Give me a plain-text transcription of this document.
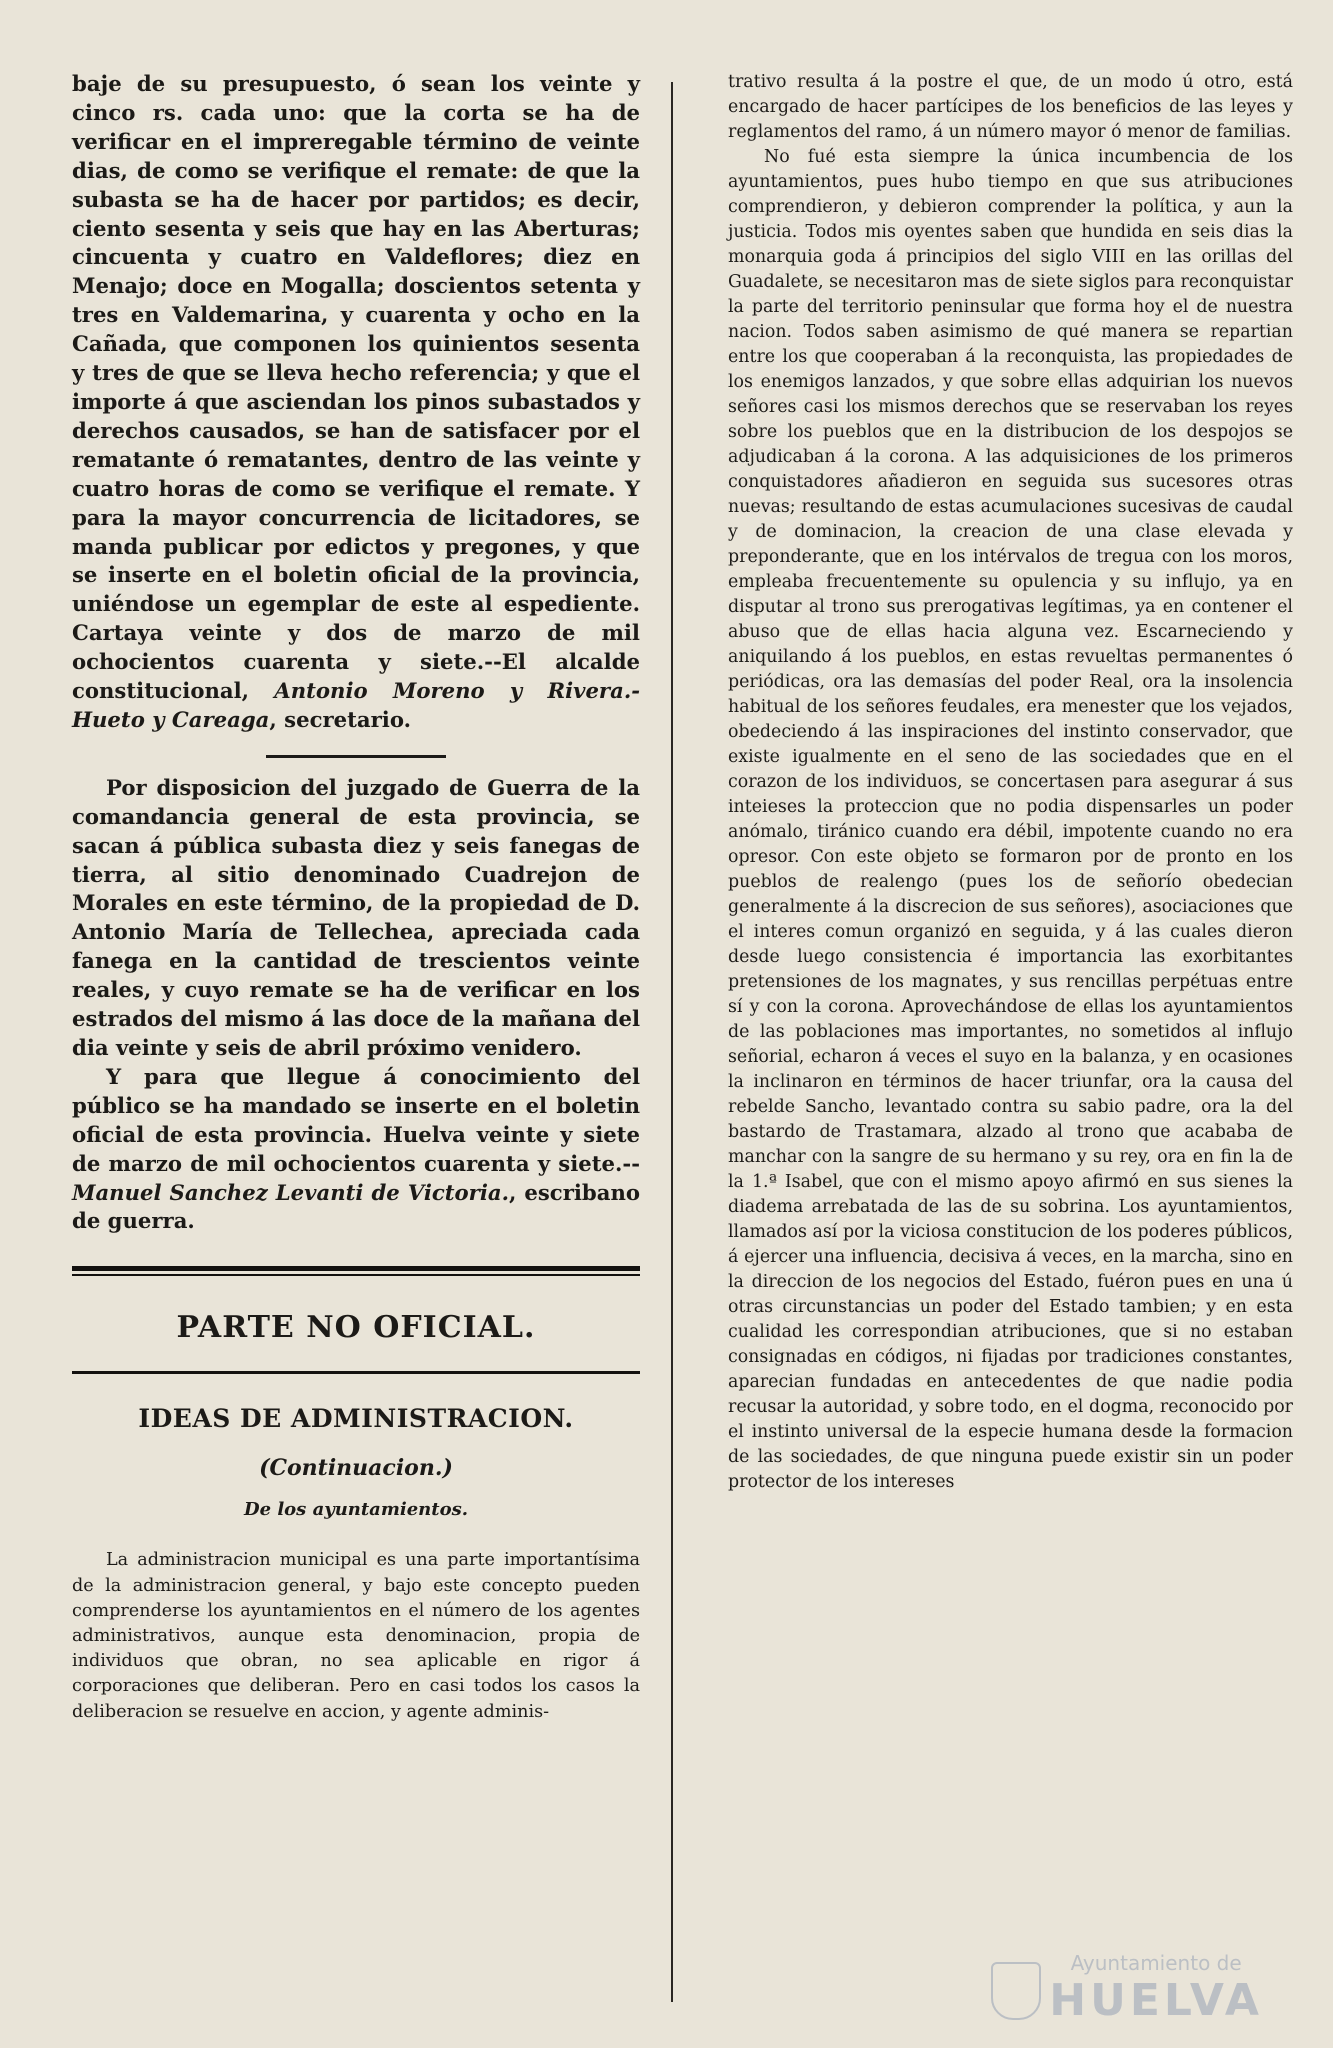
baje de su presupuesto, ó sean los veinte y cinco rs. cada uno: que la corta se ha de verificar en el impreregable término de veinte dias, de como se verifique el remate: de que la subasta se ha de hacer por partidos; es decir, ciento sesenta y seis que hay en las Aberturas; cincuenta y cuatro en Valdeflores; diez en Menajo; doce en Mogalla; doscientos setenta y tres en Valdemarina, y cuarenta y ocho en la Cañada, que componen los quinientos sesenta y tres de que se lleva hecho referencia; y que el importe á que asciendan los pinos subastados y derechos causados, se han de satisfacer por el rematante ó rematantes, dentro de las veinte y cuatro horas de como se verifique el remate. Y para la mayor concurrencia de licitadores, se manda publicar por edictos y pregones, y que se inserte en el boletin oficial de la provincia, uniéndose un egemplar de este al espediente. Cartaya veinte y dos de marzo de mil ochocientos cuarenta y siete.--El alcalde constitucional, Antonio Moreno y Rivera.-Hueto y Careaga, secretario.

Por disposicion del juzgado de Guerra de la comandancia general de esta provincia, se sacan á pública subasta diez y seis fanegas de tierra, al sitio denominado Cuadrejon de Morales en este término, de la propiedad de D. Antonio María de Tellechea, apreciada cada fanega en la cantidad de trescientos veinte reales, y cuyo remate se ha de verificar en los estrados del mismo á las doce de la mañana del dia veinte y seis de abril próximo venidero.

Y para que llegue á conocimiento del público se ha mandado se inserte en el boletin oficial de esta provincia. Huelva veinte y siete de marzo de mil ochocientos cuarenta y siete.--Manuel Sanchez Levanti de Victoria., escribano de guerra.

PARTE NO OFICIAL.
IDEAS DE ADMINISTRACION.
(Continuacion.)
De los ayuntamientos.

La administracion municipal es una parte importantísima de la administracion general, y bajo este concepto pueden comprenderse los ayuntamientos en el número de los agentes administrativos, aunque esta denominacion, propia de individuos que obran, no sea aplicable en rigor á corporaciones que deliberan. Pero en casi todos los casos la deliberacion se resuelve en accion, y agente adminis-

trativo resulta á la postre el que, de un modo ú otro, está encargado de hacer partícipes de los beneficios de las leyes y reglamentos del ramo, á un número mayor ó menor de familias.

No fué esta siempre la única incumbencia de los ayuntamientos, pues hubo tiempo en que sus atribuciones comprendieron, y debieron comprender la política, y aun la justicia. Todos mis oyentes saben que hundida en seis dias la monarquia goda á principios del siglo VIII en las orillas del Guadalete, se necesitaron mas de siete siglos para reconquistar la parte del territorio peninsular que forma hoy el de nuestra nacion. Todos saben asimismo de qué manera se repartian entre los que cooperaban á la reconquista, las propiedades de los enemigos lanzados, y que sobre ellas adquirian los nuevos señores casi los mismos derechos que se reservaban los reyes sobre los pueblos que en la distribucion de los despojos se adjudicaban á la corona. A las adquisiciones de los primeros conquistadores añadieron en seguida sus sucesores otras nuevas; resultando de estas acumulaciones sucesivas de caudal y de dominacion, la creacion de una clase elevada y preponderante, que en los intérvalos de tregua con los moros, empleaba frecuentemente su opulencia y su influjo, ya en disputar al trono sus prerogativas legítimas, ya en contener el abuso que de ellas hacia alguna vez. Escarneciendo y aniquilando á los pueblos, en estas revueltas permanentes ó periódicas, ora las demasías del poder Real, ora la insolencia habitual de los señores feudales, era menester que los vejados, obedeciendo á las inspiraciones del instinto conservador, que existe igualmente en el seno de las sociedades que en el corazon de los individuos, se concertasen para asegurar á sus inteieses la proteccion que no podia dispensarles un poder anómalo, tiránico cuando era débil, impotente cuando no era opresor. Con este objeto se formaron por de pronto en los pueblos de realengo (pues los de señorío obedecian generalmente á la discrecion de sus señores), asociaciones que el interes comun organizó en seguida, y á las cuales dieron desde luego consistencia é importancia las exorbitantes pretensiones de los magnates, y sus rencillas perpétuas entre sí y con la corona. Aprovechándose de ellas los ayuntamientos de las poblaciones mas importantes, no sometidos al influjo señorial, echaron á veces el suyo en la balanza, y en ocasiones la inclinaron en términos de hacer triunfar, ora la causa del rebelde Sancho, levantado contra su sabio padre, ora la del bastardo de Trastamara, alzado al trono que acababa de manchar con la sangre de su hermano y su rey, ora en fin la de la 1.ª Isabel, que con el mismo apoyo afirmó en sus sienes la diadema arrebatada de las de su sobrina. Los ayuntamientos, llamados así por la viciosa constitucion de los poderes públicos, á ejercer una influencia, decisiva á veces, en la marcha, sino en la direccion de los negocios del Estado, fuéron pues en una ú otras circunstancias un poder del Estado tambien; y en esta cualidad les correspondian atribuciones, que si no estaban consignadas en códigos, ni fijadas por tradiciones constantes, aparecian fundadas en antecedentes de que nadie podia recusar la autoridad, y sobre todo, en el dogma, reconocido por el instinto universal de la especie humana desde la formacion de las sociedades, de que ninguna puede existir sin un poder protector de los intereses

Ayuntamiento de
HUELVA
